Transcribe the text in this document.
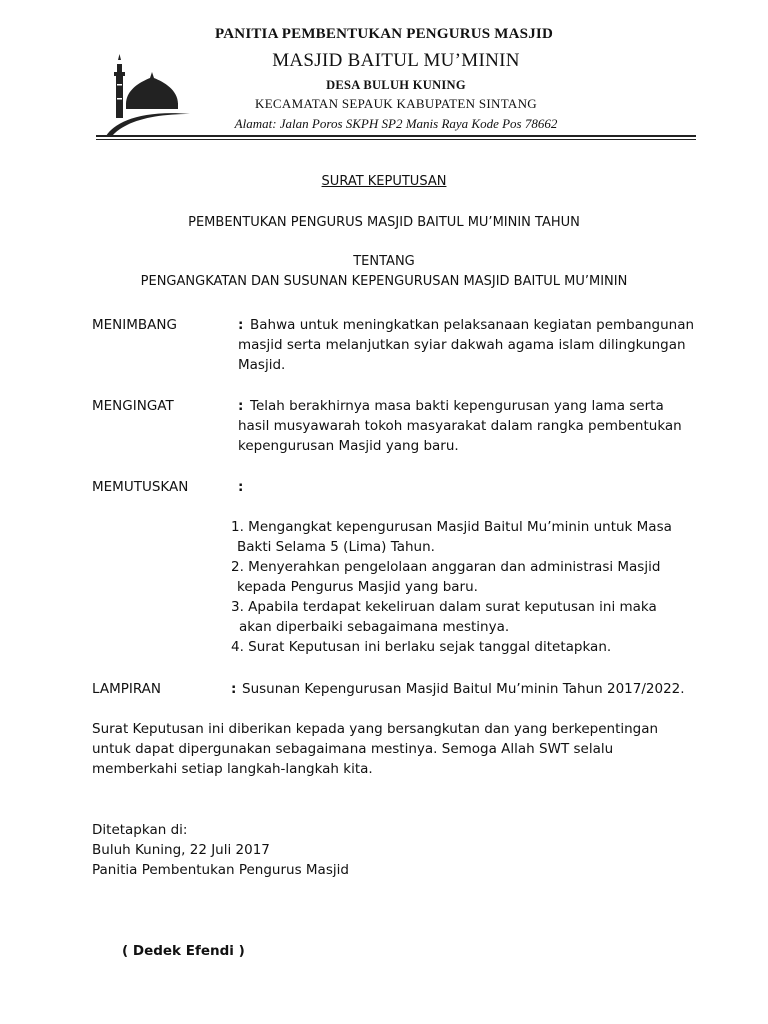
PANITIA PEMBENTUKAN PENGURUS MASJID
MASJID BAITUL MU’MININ
DESA BULUH KUNING
KECAMATAN SEPAUK KABUPATEN SINTANG
Alamat: Jalan Poros SKPH SP2 Manis Raya Kode Pos 78662
SURAT KEPUTUSAN
PEMBENTUKAN PENGURUS MASJID BAITUL MU’MININ TAHUN
TENTANG
PENGANGKATAN DAN SUSUNAN KEPENGURUSAN MASJID BAITUL MU’MININ
MENIMBANG	: Bahwa untuk meningkatkan pelaksanaan kegiatan pembangunan
masjid serta melanjutkan syiar dakwah agama islam dilingkungan
Masjid.
MENGINGAT	: Telah berakhirnya masa bakti kepengurusan yang lama serta
hasil musyawarah tokoh masyarakat dalam rangka pembentukan
kepengurusan Masjid yang baru.
MEMUTUSKAN	:
1. Mengangkat kepengurusan Masjid Baitul Mu’minin untuk Masa
Bakti Selama 5 (Lima) Tahun.
2. Menyerahkan pengelolaan anggaran dan administrasi Masjid
kepada Pengurus Masjid yang baru.
3. Apabila terdapat kekeliruan dalam surat keputusan ini maka
akan diperbaiki sebagaimana mestinya.
4. Surat Keputusan ini berlaku sejak tanggal ditetapkan.
LAMPIRAN	: Susunan Kepengurusan Masjid Baitul Mu’minin Tahun 2017/2022.
Surat Keputusan ini diberikan kepada yang bersangkutan dan yang berkepentingan
untuk dapat dipergunakan sebagaimana mestinya. Semoga Allah SWT selalu
memberkahi setiap langkah-langkah kita.
Ditetapkan di:
Buluh Kuning, 22 Juli 2017
Panitia Pembentukan Pengurus Masjid
( Dedek Efendi )
